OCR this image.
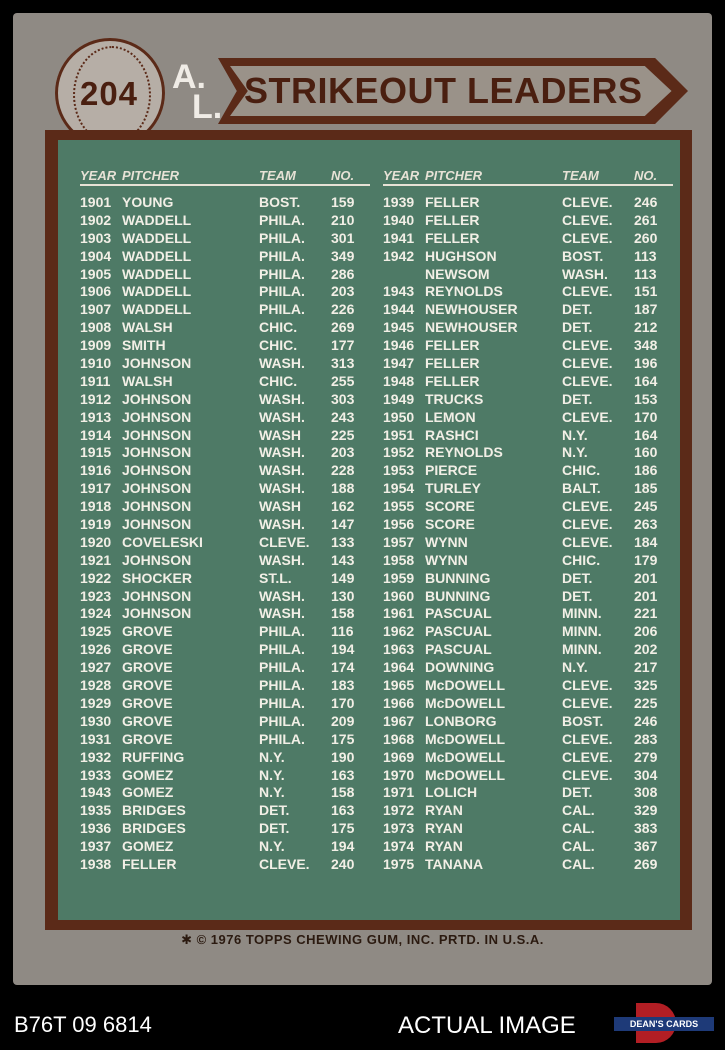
204 A.
L. STRIKEOUT LEADERS
YEAR PITCHER	TEAM	NO.
1901 YOUNG	BOST.	159
1902 WADDELL	PHILA.	210
1903 WADDELL	PHILA.	301
1904 WADDELL	PHILA.	349
1905 WADDELL	PHILA.	286
1906 WADDELL	PHILA.	203
1907 WADDELL	PHILA.	226
1908 WALSH	CHIC.	269
1909 SMITH	CHIC.	177
1910 JOHNSON	WASH.	313
1911 WALSH	CHIC.	255
1912 JOHNSON	WASH.	303
1913 JOHNSON	WASH.	243
1914 JOHNSON	WASH	225
1915 JOHNSON	WASH.	203
1916 JOHNSON	WASH.	228
1917 JOHNSON	WASH.	188
1918 JOHNSON	WASH	162
1919 JOHNSON	WASH.	147
1920 COVELESKI	CLEVE.	133
1921 JOHNSON	WASH.	143
1922 SHOCKER	ST.L.	149
1923 JOHNSON	WASH.	130
1924 JOHNSON	WASH.	158
1925 GROVE	PHILA.	116
1926 GROVE	PHILA.	194
1927 GROVE	PHILA.	174
1928 GROVE	PHILA.	183
1929 GROVE	PHILA.	170
1930 GROVE	PHILA.	209
1931 GROVE	PHILA.	175
1932 RUFFING	N.Y.	190
1933 GOMEZ	N.Y.	163
1943 GOMEZ	N.Y.	158
1935 BRIDGES	DET.	163
1936 BRIDGES	DET.	175
1937 GOMEZ	N.Y.	194
1938 FELLER	CLEVE.	240
YEAR PITCHER	TEAM	NO.
1939 FELLER	CLEVE.	246
1940 FELLER	CLEVE.	261
1941 FELLER	CLEVE.	260
1942 HUGHSON	BOST.	113
NEWSOM	WASH.	113
1943 REYNOLDS	CLEVE.	151
1944 NEWHOUSER	DET.	187
1945 NEWHOUSER	DET.	212
1946 FELLER	CLEVE.	348
1947 FELLER	CLEVE.	196
1948 FELLER	CLEVE.	164
1949 TRUCKS	DET.	153
1950 LEMON	CLEVE.	170
1951 RASHCI	N.Y.	164
1952 REYNOLDS	N.Y.	160
1953 PIERCE	CHIC.	186
1954 TURLEY	BALT.	185
1955 SCORE	CLEVE.	245
1956 SCORE	CLEVE.	263
1957 WYNN	CLEVE.	184
1958 WYNN	CHIC.	179
1959 BUNNING	DET.	201
1960 BUNNING	DET.	201
1961 PASCUAL	MINN.	221
1962 PASCUAL	MINN.	206
1963 PASCUAL	MINN.	202
1964 DOWNING	N.Y.	217
1965 McDOWELL	CLEVE.	325
1966 McDOWELL	CLEVE.	225
1967 LONBORG	BOST.	246
1968 McDOWELL	CLEVE.	283
1969 McDOWELL	CLEVE.	279
1970 McDOWELL	CLEVE.	304
1971 LOLICH	DET.	308
1972 RYAN	CAL.	329
1973 RYAN	CAL.	383
1974 RYAN	CAL.	367
1975 TANANA	CAL.	269
✱ © 1976 TOPPS CHEWING GUM, INC. PRTD. IN U.S.A.
B76T 09 6814	ACTUAL IMAGE	DEAN'S CARDS
